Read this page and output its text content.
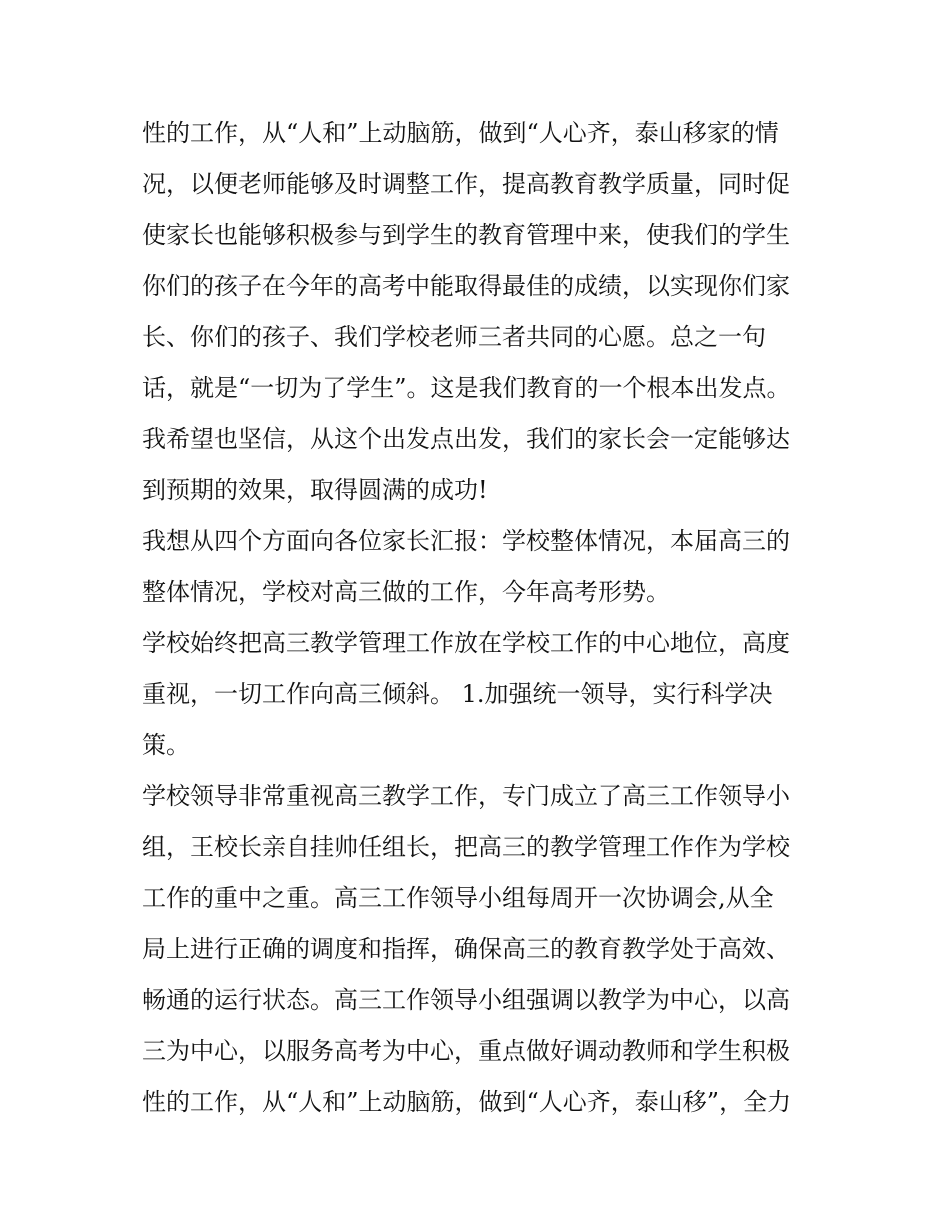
性的工作，从“人和”上动脑筋，做到“人心齐，泰山移家的情
况，以便老师能够及时调整工作，提高教育教学质量，同时促
使家长也能够积极参与到学生的教育管理中来，使我们的学生
你们的孩子在今年的高考中能取得最佳的成绩，以实现你们家
长、你们的孩子、我们学校老师三者共同的心愿。总之一句
话，就是“一切为了学生”。这是我们教育的一个根本出发点。
我希望也坚信，从这个出发点出发，我们的家长会一定能够达
到预期的效果，取得圆满的成功!
我想从四个方面向各位家长汇报：学校整体情况，本届高三的
整体情况，学校对高三做的工作，今年高考形势。
学校始终把高三教学管理工作放在学校工作的中心地位，高度
重视，一切工作向高三倾斜。 1.加强统一领导，实行科学决
策。
学校领导非常重视高三教学工作，专门成立了高三工作领导小
组，王校长亲自挂帅任组长，把高三的教学管理工作作为学校
工作的重中之重。高三工作领导小组每周开一次协调会,从全
局上进行正确的调度和指挥，确保高三的教育教学处于高效、
畅通的运行状态。高三工作领导小组强调以教学为中心，以高
三为中心，以服务高考为中心，重点做好调动教师和学生积极
性的工作，从“人和”上动脑筋，做到“人心齐，泰山移”，全力
